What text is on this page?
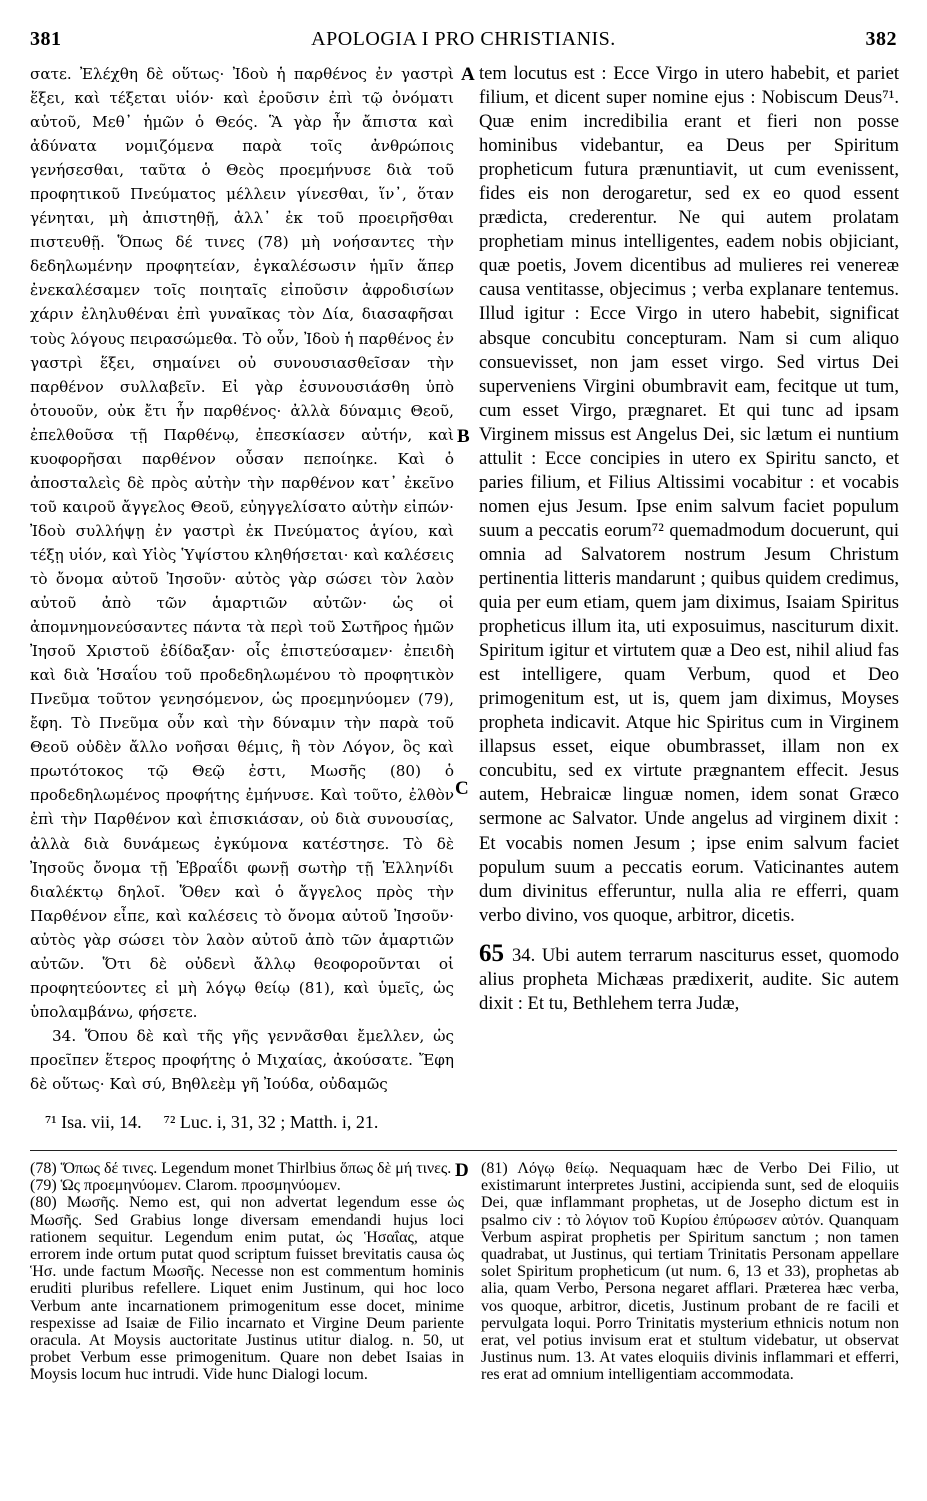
381	APOLOGIA I PRO CHRISTIANIS.	382

σατε. Ἐλέχθη δὲ οὕτως· Ἰδοὺ ἡ παρθένος ἐν γαστρὶ ἕξει, καὶ τέξεται υἱόν· καὶ ἐροῦσιν ἐπὶ τῷ ὀνόματι αὐτοῦ, Μεθ᾽ ἡμῶν ὁ Θεός. Ἃ γὰρ ἦν ἄπιστα καὶ ἀδύνατα νομιζόμενα παρὰ τοῖς ἀνθρώποις γενήσεσθαι, ταῦτα ὁ Θεὸς προεμήνυσε διὰ τοῦ προφητικοῦ Πνεύματος μέλλειν γίνεσθαι, ἵν᾽, ὅταν γένηται, μὴ ἀπιστηθῇ, ἀλλ᾽ ἐκ τοῦ προειρῆσθαι πιστευθῇ. Ὅπως δέ τινες (78) μὴ νοήσαντες τὴν δεδηλωμένην προφητείαν, ἐγκαλέσωσιν ἡμῖν ἅπερ ἐνεκαλέσαμεν τοῖς ποιηταῖς εἰποῦσιν ἀφροδισίων χάριν ἐληλυθέναι ἐπὶ γυναῖκας τὸν Δία, διασαφῆσαι τοὺς λόγους πειρασώμεθα. Τὸ οὖν, Ἰδοὺ ἡ παρθένος ἐν γαστρὶ ἕξει, σημαίνει οὐ συνουσιασθεῖσαν τὴν παρθένον συλλαβεῖν. Εἰ γὰρ ἐσυνουσιάσθη ὑπὸ ὁτουοῦν, οὐκ ἔτι ἦν παρθένος· ἀλλὰ δύναμις Θεοῦ, ἐπελθοῦσα τῇ Παρθένῳ, ἐπεσκίασεν αὐτήν, καὶ κυοφορῆσαι παρθένον οὖσαν πεποίηκε. Καὶ ὁ ἀποσταλεὶς δὲ πρὸς αὐτὴν τὴν παρθένον κατ᾽ ἐκεῖνο τοῦ καιροῦ ἄγγελος Θεοῦ, εὐηγγελίσατο αὐτὴν εἰπών· Ἰδοὺ συλλήψῃ ἐν γαστρὶ ἐκ Πνεύματος ἁγίου, καὶ τέξῃ υἱόν, καὶ Υἱὸς Ὑψίστου κληθήσεται· καὶ καλέσεις τὸ ὄνομα αὐτοῦ Ἰησοῦν· αὐτὸς γὰρ σώσει τὸν λαὸν αὐτοῦ ἀπὸ τῶν ἁμαρτιῶν αὐτῶν· ὡς οἱ ἀπομνημονεύσαντες πάντα τὰ περὶ τοῦ Σωτῆρος ἡμῶν Ἰησοῦ Χριστοῦ ἐδίδαξαν· οἷς ἐπιστεύσαμεν· ἐπειδὴ καὶ διὰ Ἡσαΐου τοῦ προδεδηλωμένου τὸ προφητικὸν Πνεῦμα τοῦτον γενησόμενον, ὡς προεμηνύομεν (79), ἔφη. Τὸ Πνεῦμα οὖν καὶ τὴν δύναμιν τὴν παρὰ τοῦ Θεοῦ οὐδὲν ἄλλο νοῆσαι θέμις, ἢ τὸν Λόγον, ὃς καὶ πρωτότοκος τῷ Θεῷ ἐστι, Μωσῆς (80) ὁ προδεδηλωμένος προφήτης ἐμήνυσε. Καὶ τοῦτο, ἐλθὸν ἐπὶ τὴν Παρθένον καὶ ἐπισκιάσαν, οὐ διὰ συνουσίας, ἀλλὰ διὰ δυνάμεως ἐγκύμονα κατέστησε. Τὸ δὲ Ἰησοῦς ὄνομα τῇ Ἑβραΐδι φωνῇ σωτὴρ τῇ Ἑλληνίδι διαλέκτῳ δηλοῖ. Ὅθεν καὶ ὁ ἄγγελος πρὸς τὴν Παρθένον εἶπε, καὶ καλέσεις τὸ ὄνομα αὐτοῦ Ἰησοῦν· αὐτὸς γὰρ σώσει τὸν λαὸν αὐτοῦ ἀπὸ τῶν ἁμαρτιῶν αὐτῶν. Ὅτι δὲ οὐδενὶ ἄλλῳ θεοφοροῦνται οἱ προφητεύοντες εἰ μὴ λόγῳ θείῳ (81), καὶ ὑμεῖς, ὡς ὑπολαμβάνω, φήσετε.

34. Ὅπου δὲ καὶ τῆς γῆς γεννᾶσθαι ἔμελλεν, ὡς προεῖπεν ἕτερος προφήτης ὁ Μιχαίας, ἀκούσατε. Ἔφη δὲ οὕτως· Καὶ σύ, Βηθλεὲμ γῆ Ἰούδα, οὐδαμῶς

A
B
C
D

tem locutus est : Ecce Virgo in utero habebit, et pariet filium, et dicent super nomine ejus : Nobiscum Deus⁷¹. Quæ enim incredibilia erant et fieri non posse hominibus videbantur, ea Deus per Spiritum propheticum futura prænuntiavit, ut cum evenissent, fides eis non derogaretur, sed ex eo quod essent prædicta, crederentur. Ne qui autem prolatam prophetiam minus intelligentes, eadem nobis objiciant, quæ poetis, Jovem dicentibus ad mulieres rei venereæ causa ventitasse, objecimus ; verba explanare tentemus. Illud igitur : Ecce Virgo in utero habebit, significat absque concubitu concepturam. Nam si cum aliquo consuevisset, non jam esset virgo. Sed virtus Dei superveniens Virgini obumbravit eam, fecitque ut tum, cum esset Virgo, prægnaret. Et qui tunc ad ipsam Virginem missus est Angelus Dei, sic lætum ei nuntium attulit : Ecce concipies in utero ex Spiritu sancto, et paries filium, et Filius Altissimi vocabitur : et vocabis nomen ejus Jesum. Ipse enim salvum faciet populum suum a peccatis eorum⁷² quemadmodum docuerunt, qui omnia ad Salvatorem nostrum Jesum Christum pertinentia litteris mandarunt ; quibus quidem credimus, quia per eum etiam, quem jam diximus, Isaiam Spiritus propheticus illum ita, uti exposuimus, nasciturum dixit. Spiritum igitur et virtutem quæ a Deo est, nihil aliud fas est intelligere, quam Verbum, quod et Deo primogenitum est, ut is, quem jam diximus, Moyses propheta indicavit. Atque hic Spiritus cum in Virginem illapsus esset, eique obumbrasset, illam non ex concubitu, sed ex virtute prægnantem effecit. Jesus autem, Hebraicæ linguæ nomen, idem sonat Græco sermone ac Salvator. Unde angelus ad virginem dixit : Et vocabis nomen Jesum ; ipse enim salvum faciet populum suum a peccatis eorum. Vaticinantes autem dum divinitus efferuntur, nulla alia re efferri, quam verbo divino, vos quoque, arbitror, dicetis.

65 34. Ubi autem terrarum nasciturus esset, quomodo alius propheta Michæas prædixerit, audite. Sic autem dixit : Et tu, Bethlehem terra Judæ,

⁷¹ Isa. vii, 14. ⁷² Luc. i, 31, 32 ; Matth. i, 21.

(78) Ὅπως δέ τινες. Legendum monet Thirlbius ὅπως δὲ μή τινες.

(79) Ὡς προεμηνύομεν. Clarom. προσμηνύομεν.

(80) Μωσῆς. Nemo est, qui non advertat legendum esse ὡς Μωσῆς. Sed Grabius longe diversam emendandi hujus loci rationem sequitur. Legendum enim putat, ὡς Ἡσαΐας, atque errorem inde ortum putat quod scriptum fuisset brevitatis causa ὡς Ἡσ. unde factum Μωσῆς. Necesse non est commentum hominis eruditi pluribus refellere. Liquet enim Justinum, qui hoc loco Verbum ante incarnationem primogenitum esse docet, minime respexisse ad Isaiæ de Filio incarnato et Virgine Deum pariente oracula. At Moysis auctoritate Justinus utitur dialog. n. 50, ut probet Verbum esse primogenitum. Quare non debet Isaias in Moysis locum huc intrudi. Vide hunc Dialogi locum.

(81) Λόγῳ θείῳ. Nequaquam hæc de Verbo Dei Filio, ut existimarunt interpretes Justini, accipienda sunt, sed de eloquiis Dei, quæ inflammant prophetas, ut de Josepho dictum est in psalmo civ : τὸ λόγιον τοῦ Κυρίου ἐπύρωσεν αὐτόν. Quanquam Verbum aspirat prophetis per Spiritum sanctum ; non tamen quadrabat, ut Justinus, qui tertiam Trinitatis Personam appellare solet Spiritum propheticum (ut num. 6, 13 et 33), prophetas ab alia, quam Verbo, Persona negaret afflari. Præterea hæc verba, vos quoque, arbitror, dicetis, Justinum probant de re facili et pervulgata loqui. Porro Trinitatis mysterium ethnicis notum non erat, vel potius invisum erat et stultum videbatur, ut observat Justinus num. 13. At vates eloquiis divinis inflammari et efferri, res erat ad omnium intelligentiam accommodata.
